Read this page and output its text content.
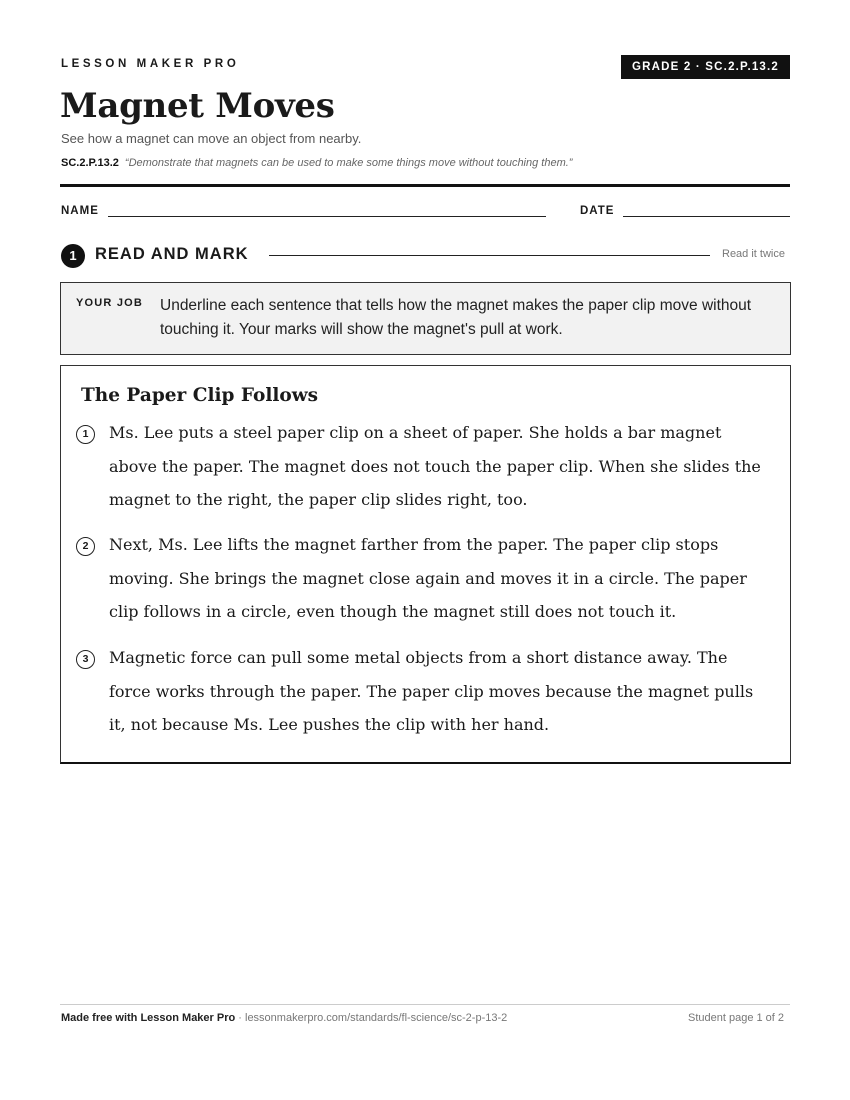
LESSON MAKER PRO	GRADE 2 · SC.2.P.13.2
Magnet Moves
See how a magnet can move an object from nearby.
SC.2.P.13.2 “Demonstrate that magnets can be used to make some things move without touching them.”
NAME	DATE
1	READ AND MARK	Read it twice
YOUR JOB Underline each sentence that tells how the magnet makes the paper clip move without touching it. Your marks will show the magnet's pull at work.
The Paper Clip Follows
1	Ms. Lee puts a steel paper clip on a sheet of paper. She holds a bar magnet above the paper. The magnet does not touch the paper clip. When she slides the magnet to the right, the paper clip slides right, too.
2	Next, Ms. Lee lifts the magnet farther from the paper. The paper clip stops moving. She brings the magnet close again and moves it in a circle. The paper clip follows in a circle, even though the magnet still does not touch it.
3	Magnetic force can pull some metal objects from a short distance away. The force works through the paper. The paper clip moves because the magnet pulls it, not because Ms. Lee pushes the clip with her hand.
Made free with Lesson Maker Pro · lessonmakerpro.com/standards/fl-science/sc-2-p-13-2	Student page 1 of 2
